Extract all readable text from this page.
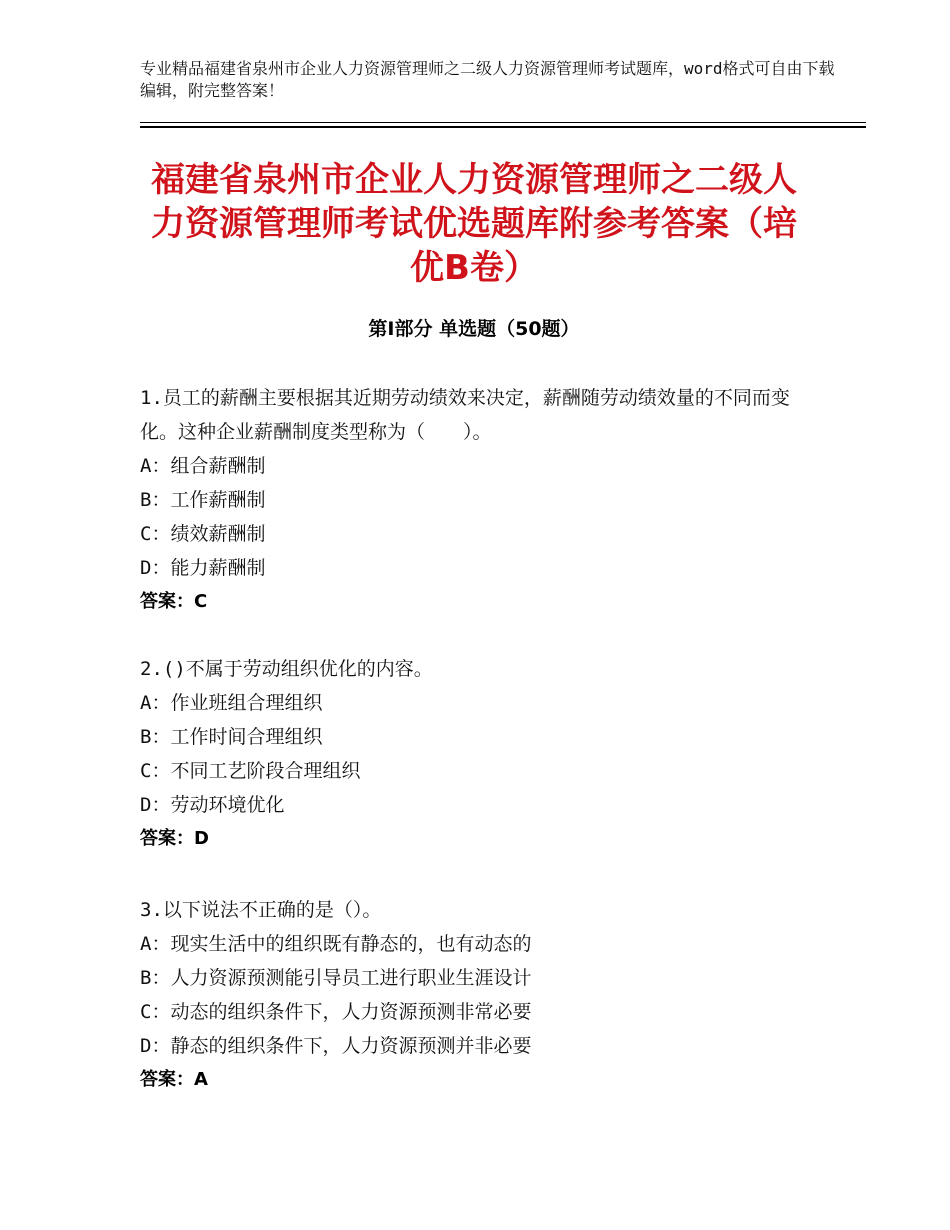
专业精品福建省泉州市企业人力资源管理师之二级人力资源管理师考试题库，word格式可自由下载编辑，附完整答案！
福建省泉州市企业人力资源管理师之二级人力资源管理师考试优选题库附参考答案（培优B卷）
第Ⅰ部分 单选题（50题）
1.员工的薪酬主要根据其近期劳动绩效来决定，薪酬随劳动绩效量的不同而变化。这种企业薪酬制度类型称为（　　）。
A：组合薪酬制
B：工作薪酬制
C：绩效薪酬制
D：能力薪酬制
答案：C
2.()不属于劳动组织优化的内容。
A：作业班组合理组织
B：工作时间合理组织
C：不同工艺阶段合理组织
D：劳动环境优化
答案：D
3.以下说法不正确的是（）。
A：现实生活中的组织既有静态的，也有动态的
B：人力资源预测能引导员工进行职业生涯设计
C：动态的组织条件下，人力资源预测非常必要
D：静态的组织条件下，人力资源预测并非必要
答案：A
